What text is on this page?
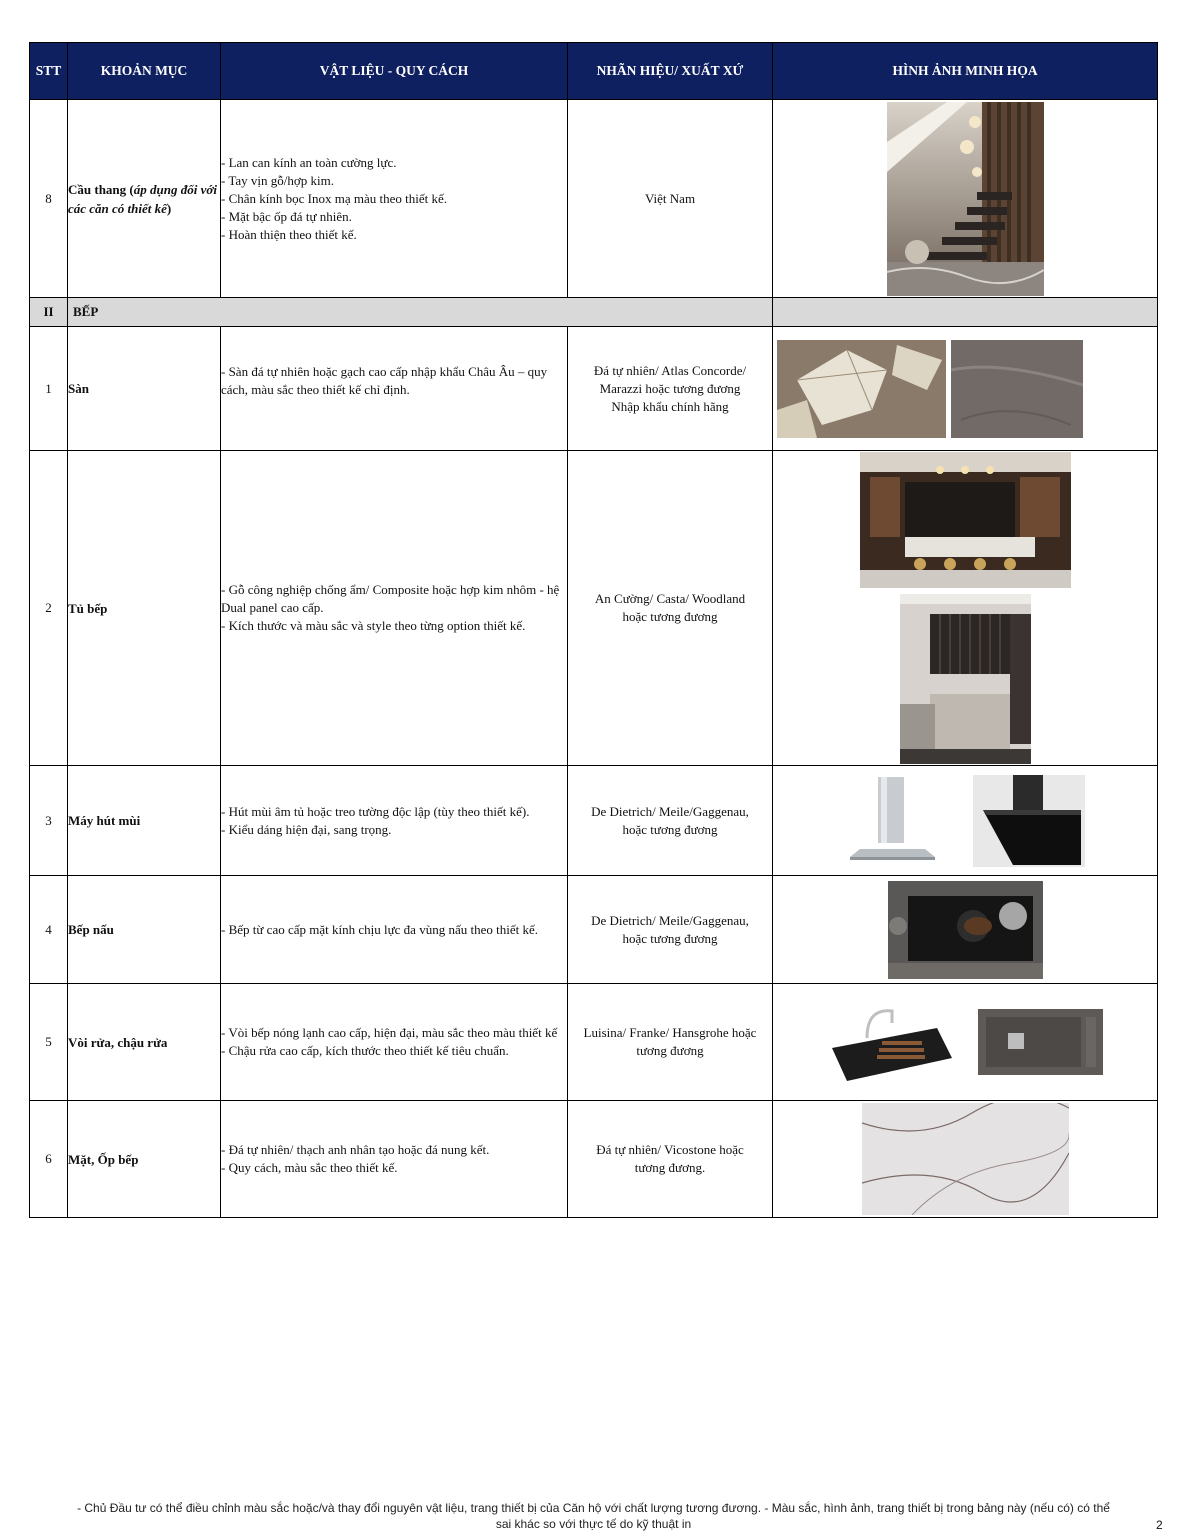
STT	KHOẢN MỤC	VẬT LIỆU - QUY CÁCH	NHÃN HIỆU/ XUẤT XỨ	HÌNH ẢNH MINH HỌA
8	Cầu thang (áp dụng đối với các căn có thiết kế)	- Lan can kính an toàn cường lực.
- Tay vịn gỗ/hợp kim.
- Chân kính bọc Inox mạ màu theo thiết kế.
- Mặt bậc ốp đá tự nhiên.
- Hoàn thiện theo thiết kế.	Việt Nam	
II	BẾP			
1	Sàn	- Sàn đá tự nhiên hoặc gạch cao cấp nhập khẩu Châu Âu – quy cách, màu sắc theo thiết kế chỉ định.	Đá tự nhiên/ Atlas Concorde/
Marazzi hoặc tương đương
Nhập khẩu chính hãng

2	Tủ bếp	- Gỗ công nghiệp chống ẩm/ Composite hoặc hợp kim nhôm - hệ Dual panel cao cấp.
- Kích thước và màu sắc và style theo từng option thiết kế.	An Cường/ Casta/ Woodland
hoặc tương đương

3	Máy hút mùi	- Hút mùi âm tủ hoặc treo tường độc lập (tùy theo thiết kế).
- Kiểu dáng hiện đại, sang trọng.	De Dietrich/ Meile/Gaggenau,
hoặc tương đương

4	Bếp nấu	- Bếp từ cao cấp mặt kính chịu lực đa vùng nấu theo thiết kế.	De Dietrich/ Meile/Gaggenau,
hoặc tương đương

5	Vòi rửa, chậu rửa	- Vòi bếp nóng lạnh cao cấp, hiện đại, màu sắc theo màu thiết kế
- Chậu rửa cao cấp, kích thước theo thiết kế tiêu chuẩn.	Luisina/ Franke/ Hansgrohe hoặc
tương đương

6	Mặt, Ốp bếp	- Đá tự nhiên/ thạch anh nhân tạo hoặc đá nung kết.
- Quy cách, màu sắc theo thiết kế.	Đá tự nhiên/ Vicostone hoặc
tương đương.

- Chủ Đầu tư có thể điều chỉnh màu sắc hoặc/và thay đổi nguyên vật liệu, trang thiết bị của Căn hộ với chất lượng tương đương. - Màu sắc, hình ảnh, trang thiết bị trong bảng này (nếu có) có thể
sai khác so với thực tế do kỹ thuật in	2
